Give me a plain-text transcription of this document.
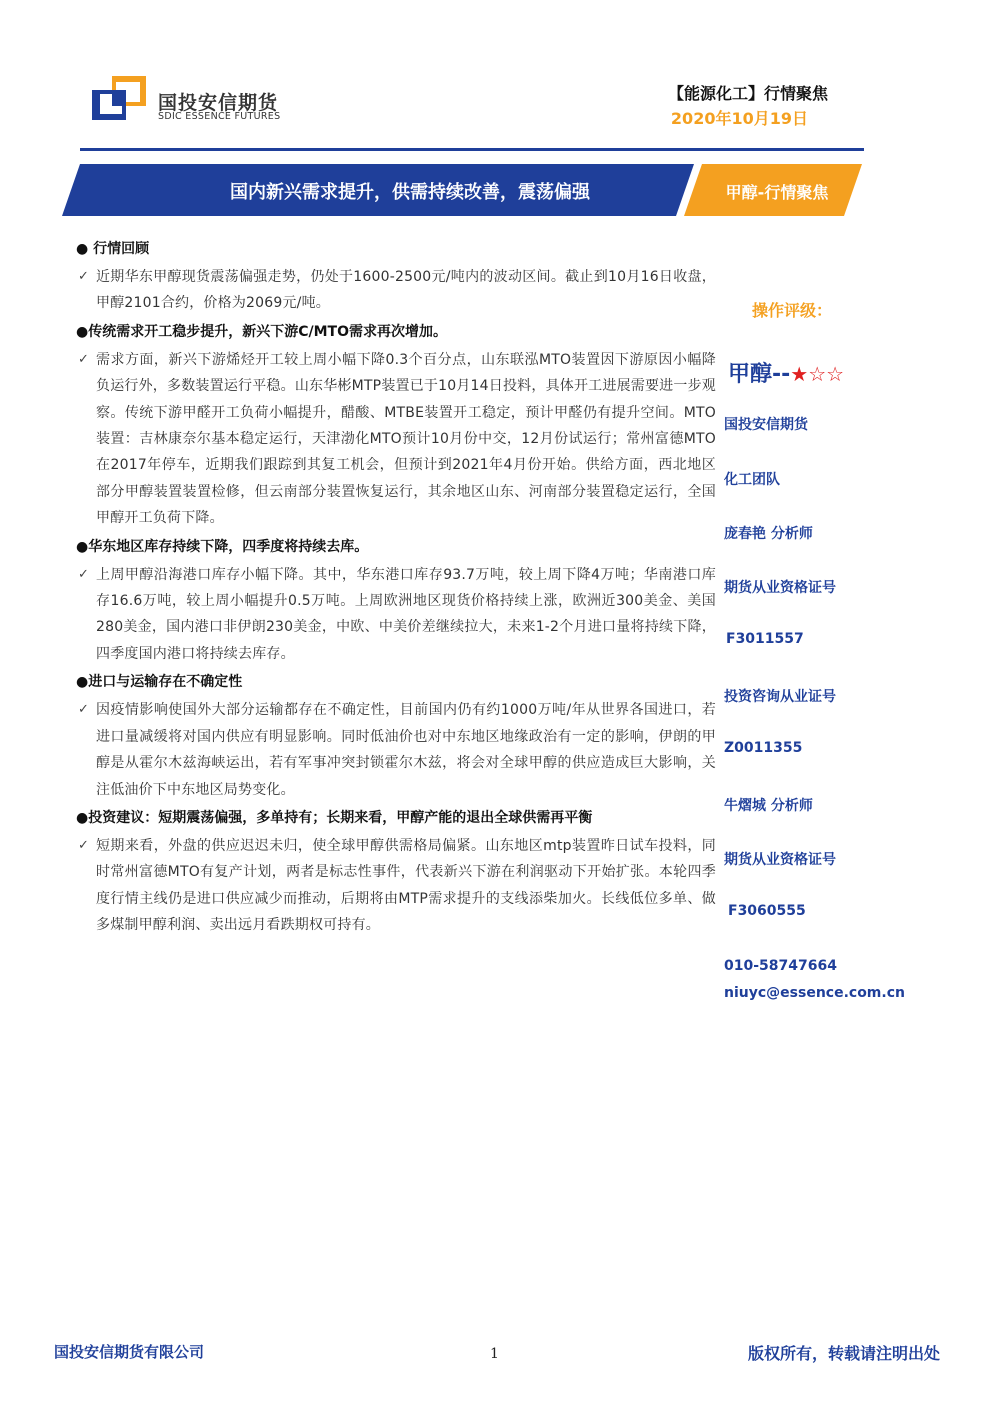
国投安信期货
SDIC ESSENCE FUTURES
【能源化工】行情聚焦
2020年10月19日
国内新兴需求提升，供需持续改善，震荡偏强	甲醇-行情聚焦

● 行情回顾

✓ 近期华东甲醇现货震荡偏强走势，仍处于1600-2500元/吨内的波动区间。截止到10月16日收盘，甲醇2101合约，价格为2069元/吨。

●传统需求开工稳步提升，新兴下游C/MTO需求再次增加。

✓ 需求方面，新兴下游烯烃开工较上周小幅下降0.3个百分点，山东联泓MTO装置因下游原因小幅降负运行外，多数装置运行平稳。山东华彬MTP装置已于10月14日投料，具体开工进展需要进一步观察。传统下游甲醛开工负荷小幅提升，醋酸、MTBE装置开工稳定，预计甲醛仍有提升空间。MTO装置：吉林康奈尔基本稳定运行，天津渤化MTO预计10月份中交，12月份试运行；常州富德MTO在2017年停车，近期我们跟踪到其复工机会，但预计到2021年4月份开始。供给方面，西北地区部分甲醇装置装置检修，但云南部分装置恢复运行，其余地区山东、河南部分装置稳定运行，全国甲醇开工负荷下降。

●华东地区库存持续下降，四季度将持续去库。

✓ 上周甲醇沿海港口库存小幅下降。其中，华东港口库存93.7万吨，较上周下降4万吨；华南港口库存16.6万吨，较上周小幅提升0.5万吨。上周欧洲地区现货价格持续上涨，欧洲近300美金、美国280美金，国内港口非伊朗230美金，中欧、中美价差继续拉大，未来1-2个月进口量将持续下降，四季度国内港口将持续去库存。

●进口与运输存在不确定性

✓ 因疫情影响使国外大部分运输都存在不确定性，目前国内仍有约1000万吨/年从世界各国进口，若进口量减缓将对国内供应有明显影响。同时低油价也对中东地区地缘政治有一定的影响，伊朗的甲醇是从霍尔木兹海峡运出，若有军事冲突封锁霍尔木兹，将会对全球甲醇的供应造成巨大影响，关注低油价下中东地区局势变化。

●投资建议：短期震荡偏强，多单持有；长期来看，甲醇产能的退出全球供需再平衡

✓ 短期来看，外盘的供应迟迟未归，使全球甲醇供需格局偏紧。山东地区mtp装置昨日试车投料，同时常州富德MTO有复产计划，两者是标志性事件，代表新兴下游在利润驱动下开始扩张。本轮四季度行情主线仍是进口供应减少而推动，后期将由MTP需求提升的支线添柴加火。长线低位多单、做多煤制甲醇利润、卖出远月看跌期权可持有。
操作评级：
甲醇--★☆☆
国投安信期货
化工团队
庞春艳 分析师
期货从业资格证号
F3011557
投资咨询从业证号
Z0011355
牛熠城 分析师
期货从业资格证号
F3060555
010-58747664
niuyc@essence.com.cn
国投安信期货有限公司	1	版权所有，转载请注明出处
